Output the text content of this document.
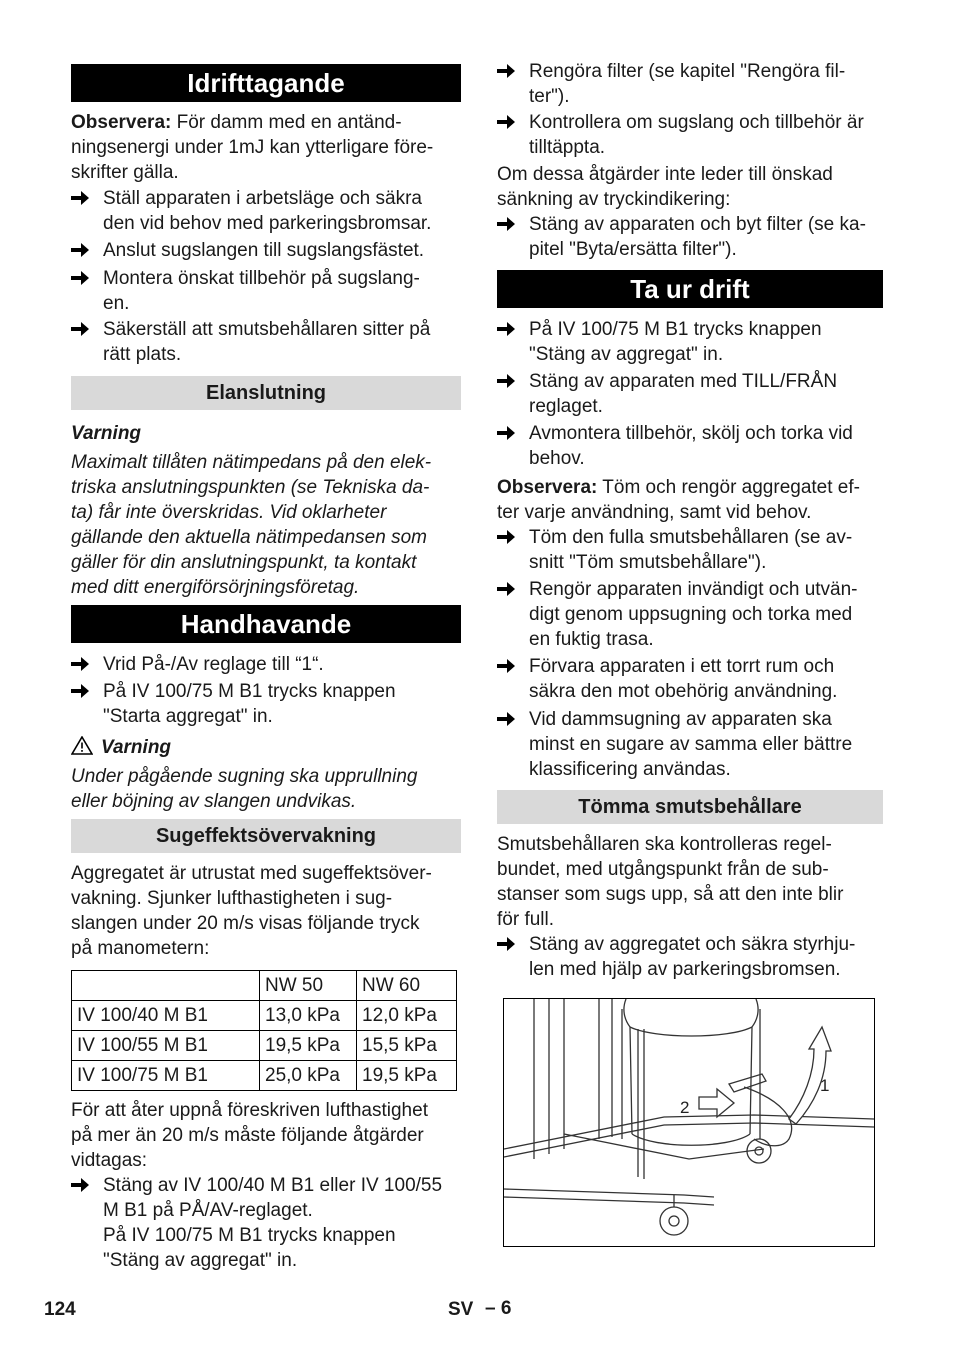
Idrifttagande
Observera: För damm med en antänd-
ningsenergi under 1mJ kan ytterligare före-
skrifter gälla.
Ställ apparaten i arbetsläge och säkra
den vid behov med parkeringsbromsar.
Anslut sugslangen till sugslangsfästet.
Montera önskat tillbehör på sugslang-
en.
Säkerställ att smutsbehållaren sitter på
rätt plats.
Elanslutning
Varning
Maximalt tillåten nätimpedans på den elek-
triska anslutningspunkten (se Tekniska da-
ta) får inte överskridas. Vid oklarheter
gällande den aktuella nätimpedansen som
gäller för din anslutningspunkt, ta kontakt
med ditt energiförsörjningsföretag.
Handhavande
Vrid På-/Av reglage till “1“.
På IV 100/75 M B1 trycks knappen
"Starta aggregat" in.
Varning
Under pågående sugning ska upprullning
eller böjning av slangen undvikas.
Sugeffektsövervakning
Aggregatet är utrustat med sugeffektsöver-
vakning. Sjunker lufthastigheten i sug-
slangen under 20 m/s visas följande tryck
på manometern:
	NW 50	NW 60
IV 100/40 M B1	13,0 kPa	12,0 kPa
IV 100/55 M B1	19,5 kPa	15,5 kPa
IV 100/75 M B1	25,0 kPa	19,5 kPa
För att åter uppnå föreskriven lufthastighet
på mer än 20 m/s måste följande åtgärder
vidtagas:
Stäng av IV 100/40 M B1 eller IV 100/55
M B1 på PÅ/AV-reglaget.
På IV 100/75 M B1 trycks knappen
"Stäng av aggregat" in.
Rengöra filter (se kapitel "Rengöra fil-
ter").
Kontrollera om sugslang och tillbehör är
tilltäppta.
Om dessa åtgärder inte leder till önskad
sänkning av tryckindikering:
Stäng av apparaten och byt filter (se ka-
pitel "Byta/ersätta filter").
Ta ur drift
På IV 100/75 M B1 trycks knappen
"Stäng av aggregat" in.
Stäng av apparaten med TILL/FRÅN
reglaget.
Avmontera tillbehör, skölj och torka vid
behov.
Observera: Töm och rengör aggregatet ef-
ter varje användning, samt vid behov.
Töm den fulla smutsbehållaren (se av-
snitt "Töm smutsbehållare").
Rengör apparaten invändigt och utvän-
digt genom uppsugning och torka med
en fuktig trasa.
Förvara apparaten i ett torrt rum och
säkra den mot obehörig användning.
Vid dammsugning av apparaten ska
minst en sugare av samma eller bättre
klassificering användas.
Tömma smutsbehållare
Smutsbehållaren ska kontrolleras regel-
bundet, med utgångspunkt från de sub-
stanser som sugs upp, så att den inte blir
för full.
Stäng av aggregatet och säkra styrhju-
len med hjälp av parkeringsbromsen.
1
2
124	SV – 6
